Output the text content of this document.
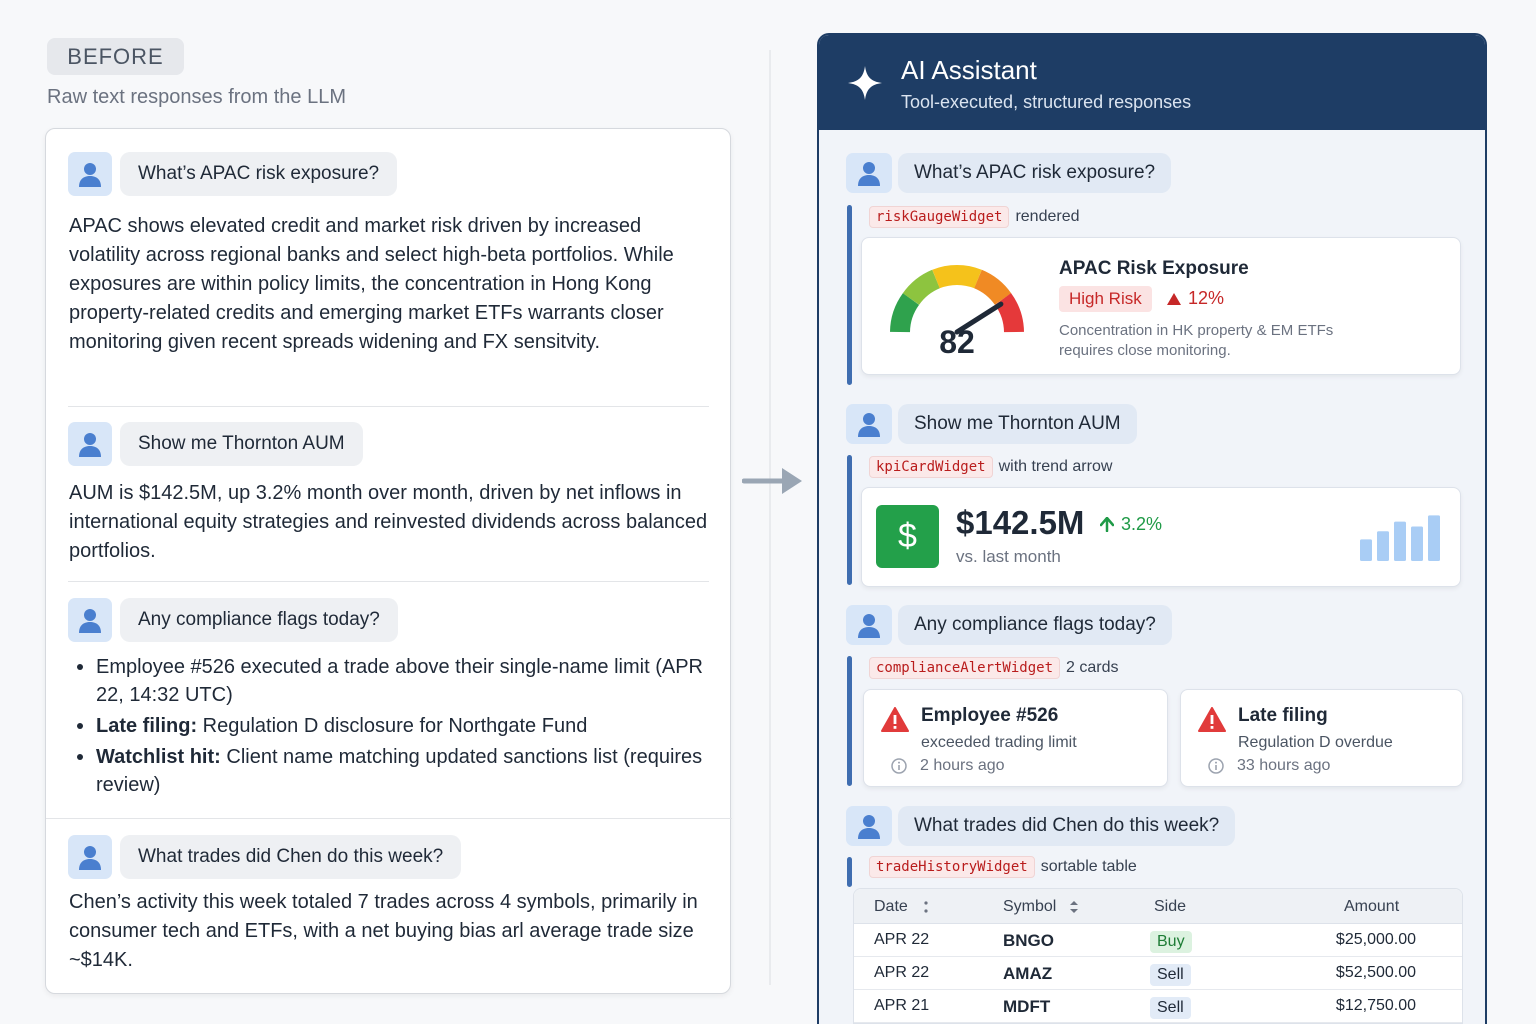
BEFORE
Raw text responses from the LLM
What’s APAC risk exposure?
APAC shows elevated credit and market risk driven by increased volatility across regional banks and select high-beta portfolios. While exposures are within policy limits, the concentration in Hong Kong property-related credits and emerging market ETFs warrants closer monitoring given recent spreads widening and FX sensitvity.
Show me Thornton AUM
AUM is $142.5M, up 3.2% month over month, driven by net inflows in international equity strategies and reinvested dividends across balanced portfolios.
Any compliance flags today?
Employee #526 executed a trade above their single-name limit (APR 22, 14:32 UTC)
Late filing: Regulation D disclosure for Northgate Fund
Watchlist hit: Client name matching updated sanctions list (requires review)
What trades did Chen do this week?
Chen’s activity this week totaled 7 trades across 4 symbols, primarily in consumer tech and ETFs, with a net buying bias arl average trade size ~$14K.
AI Assistant
Tool-executed, structured responses
What’s APAC risk exposure?
riskGaugeWidget rendered
82
APAC Risk Exposure
High Risk	12%
Concentration in HK property & EM ETFs requires close monitoring.
Show me Thornton AUM
kpiCardWidget with trend arrow
$	$142.5M 3.2%
vs. last month
Any compliance flags today?
complianceAlertWidget 2 cards
Employee #526
exceeded trading limit
2 hours ago
Late filing
Regulation D overdue
33 hours ago
What trades did Chen do this week?
tradeHistoryWidget sortable table
Date	Symbol	Side	Amount
APR 22	BNGO	Buy	$25,000.00
APR 22	AMAZ	Sell	$52,500.00
APR 21	MDFT	Sell	$12,750.00
